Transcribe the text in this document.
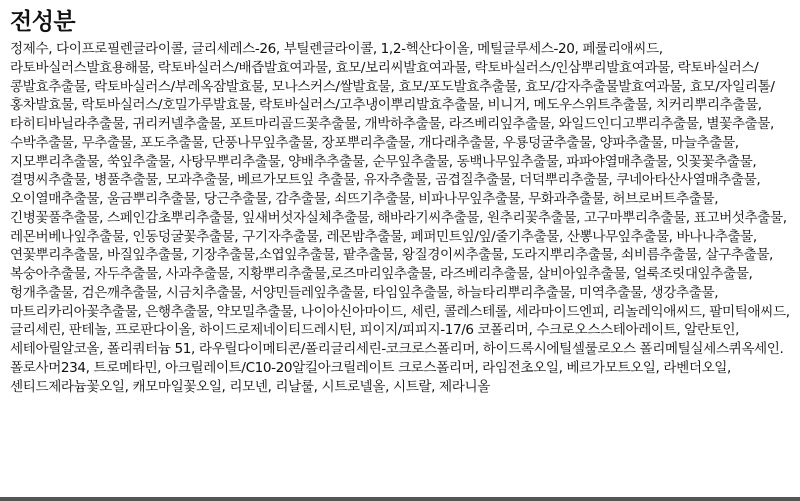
전성분

정제수, 다이프로필렌글라이콜, 글리세레스-26, 부틸렌글라이콜, 1,2-헥산다이올, 메틸글루세스-20, 페룰리애씨드, 라토바실러스발효용해물, 락토바실러스/배즙발효여과물, 효모/보리씨발효여과물, 락토바실러스/인삼뿌리발효여과물, 락토바실러스/콩발효추출물, 락토바실러스/부레옥잠발효물, 모나스커스/쌀발효물, 효모/포도발효추출물, 효모/감자추출물발효여과물, 효모/자일리톨/홍차발효물, 락토바실러스/호밀가루발효물, 락토바실러스/고추냉이뿌리발효추출물, 비니거, 메도우스위트추출물, 치커리뿌리추출물, 타히티바닐라추출물, 귀리커넬추출물, 포트마리골드꽃추출물, 개박하추출물, 라즈베리잎추출물, 와일드인디고뿌리추출물, 별꽃추출물, 수박추출물, 무추출물, 포도추출물, 단풍나무잎추출물, 장포뿌리추출물, 개다래추출물, 우룡덩굴추출물, 양파추출물, 마늘추출물, 지모뿌리추출물, 쑥잎추출물, 사탕무뿌리추출물, 양배추추출물, 순무잎추출물, 동백나무잎추출물, 파파야열매추출물, 잇꽃꽃추출물, 결명씨추출물, 병풀추출물, 모과추출물, 베르가모트잎 추출물, 유자추출물, 곰겹질추출물, 더덕뿌리추출물, 쿠네아타산사열매추출물, 오이열매추출물, 울금뿌리추출물, 당근추출물, 감추출물, 쇠뜨기추출물, 비파나무잎추출물, 무화과추출물, 허브로버트추출물, 긴병꽃풀추출물, 스페인감초뿌리추출물, 잎새버섯자실체추출물, 해바라기씨추출물, 원추리꽃추출물, 고구마뿌리추출물, 표고버섯추출물, 레몬버베나잎추출물, 인동덩굴꽃추출물, 구기자추출물, 레몬밤추출물, 페퍼민트잎/잎/줄기추출물, 산뽕나무잎추출물, 바나나추출물, 연꽃뿌리추출물, 바질잎추출물, 기장추출물,소엽잎추출물, 팥추출물, 왕질경이씨추출물, 도라지뿌리추출물, 쇠비름추출물, 살구추출물, 복숭아추출물, 자두추출물, 사과추출물, 지황뿌리추출물,로즈마리잎추출물, 라즈베리추출물, 살비아잎추출물, 얼룩조릿대잎추출물, 헝개추출물, 검은깨추출물, 시금치추출물, 서양민들레잎추출물, 타임잎추출물, 하늘타리뿌리추출물, 미역추출물, 생강추출물, 마트리카리아꽃추출물, 은행추출물, 약모밀추출물, 나이아신아마이드, 세린, 콜레스테롤, 세라마이드엔피, 리놀레익애씨드, 팔미틱애씨드, 글리세린, 판테놀, 프로판다이올, 하이드로제네이티드레시틴, 피이지/피피지-17/6 코폴리머, 수크로오스스테아레이트, 알란토인, 세테아릴알코올, 폴리쿼터늄 51, 라우릴다이메티콘/폴리글리세린-코크로스폴리머, 하이드록시에틸셀룰로오스 폴리메틸실세스퀴옥세인. 폴로사머234, 트로메타민, 아크릴레이트/C10-20알킬아크릴레이트 크로스폴리머, 라임전초오일, 베르가모트오일, 라벤더오일, 센티드제라늄꽃오일, 캐모마일꽃오일, 리모넨, 리날룰, 시트로넬올, 시트랄, 제라니올
